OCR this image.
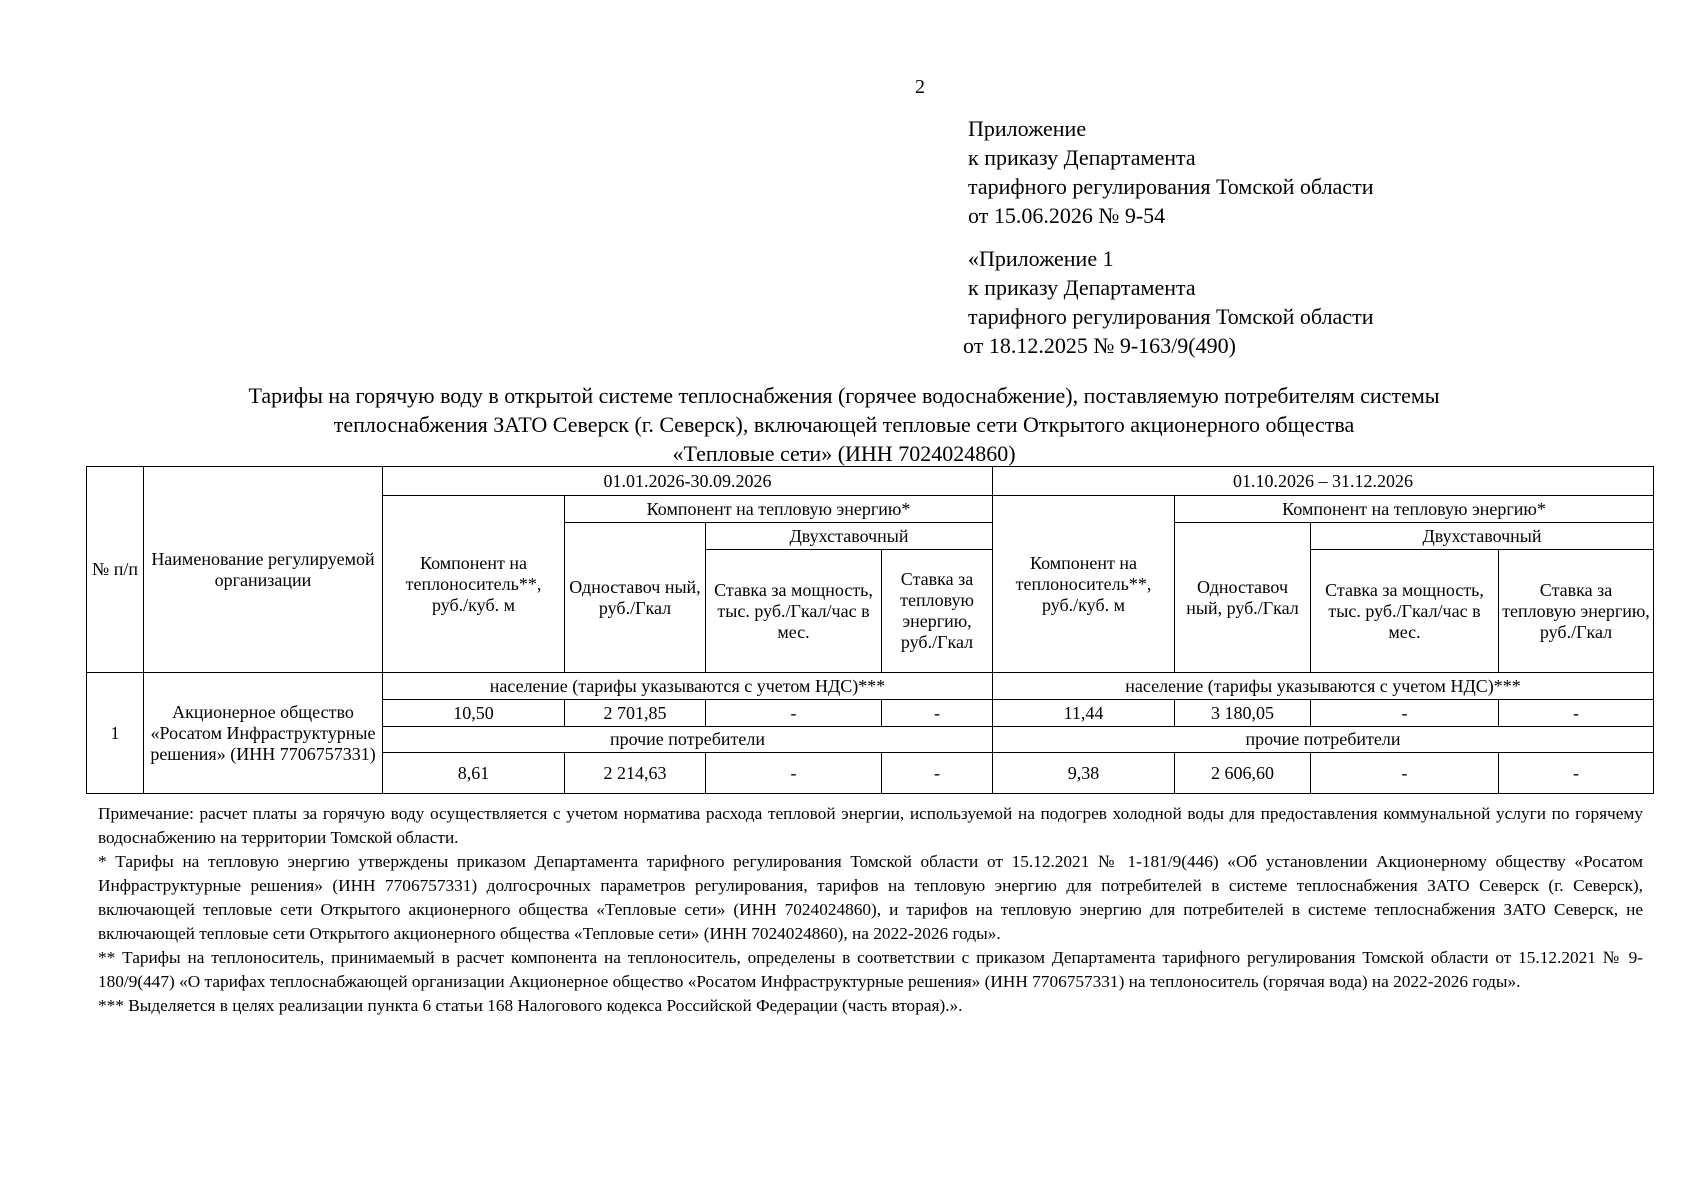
2
Приложение
к приказу Департамента
тарифного регулирования Томской области
от 15.06.2026 № 9-54
«Приложение 1
к приказу Департамента
тарифного регулирования Томской области
от 18.12.2025 № 9-163/9(490)
Тарифы на горячую воду в открытой системе теплоснабжения (горячее водоснабжение), поставляемую потребителям системы
теплоснабжения ЗАТО Северск (г. Северск), включающей тепловые сети Открытого акционерного общества
«Тепловые сети» (ИНН 7024024860)
№ п/п	Наименование регулируемой организации	01.01.2026-30.09.2026				01.10.2026 – 31.12.2026			
		Компонент на теплоноситель**, руб./куб. м	Компонент на тепловую энергию*			Компонент на теплоноситель**, руб./куб. м	Компонент на тепловую энергию*		
			Одноставоч ный, руб./Гкал	Двухставочный			Одноставоч ный, руб./Гкал	Двухставочный	
				Ставка за мощность, тыс. руб./Гкал/час в мес.	Ставка за тепловую энергию, руб./Гкал			Ставка за мощность, тыс. руб./Гкал/час в мес.	Ставка за тепловую энергию, руб./Гкал
1	Акционерное общество «Росатом Инфраструктурные решения» (ИНН 7706757331)	население (тарифы указываются с учетом НДС)***				население (тарифы указываются с учетом НДС)***			
		10,50	2 701,85	-	-	11,44	3 180,05	-	-
		прочие потребители				прочие потребители			
		8,61	2 214,63	-	-	9,38	2 606,60	-	-

Примечание: расчет платы за горячую воду осуществляется с учетом норматива расхода тепловой энергии, используемой на подогрев холодной воды для предоставления коммунальной услуги по горячему водоснабжению на территории Томской области.

* Тарифы на тепловую энергию утверждены приказом Департамента тарифного регулирования Томской области от 15.12.2021 № 1-181/9(446) «Об установлении Акционерному обществу «Росатом Инфраструктурные решения» (ИНН 7706757331) долгосрочных параметров регулирования, тарифов на тепловую энергию для потребителей в системе теплоснабжения ЗАТО Северск (г. Северск), включающей тепловые сети Открытого акционерного общества «Тепловые сети» (ИНН 7024024860), и тарифов на тепловую энергию для потребителей в системе теплоснабжения ЗАТО Северск, не включающей тепловые сети Открытого акционерного общества «Тепловые сети» (ИНН 7024024860), на 2022-2026 годы».

** Тарифы на теплоноситель, принимаемый в расчет компонента на теплоноситель, определены в соответствии с приказом Департамента тарифного регулирования Томской области от 15.12.2021 № 9-180/9(447) «О тарифах теплоснабжающей организации Акционерное общество «Росатом Инфраструктурные решения» (ИНН 7706757331) на теплоноситель (горячая вода) на 2022-2026 годы».

*** Выделяется в целях реализации пункта 6 статьи 168 Налогового кодекса Российской Федерации (часть вторая).».
